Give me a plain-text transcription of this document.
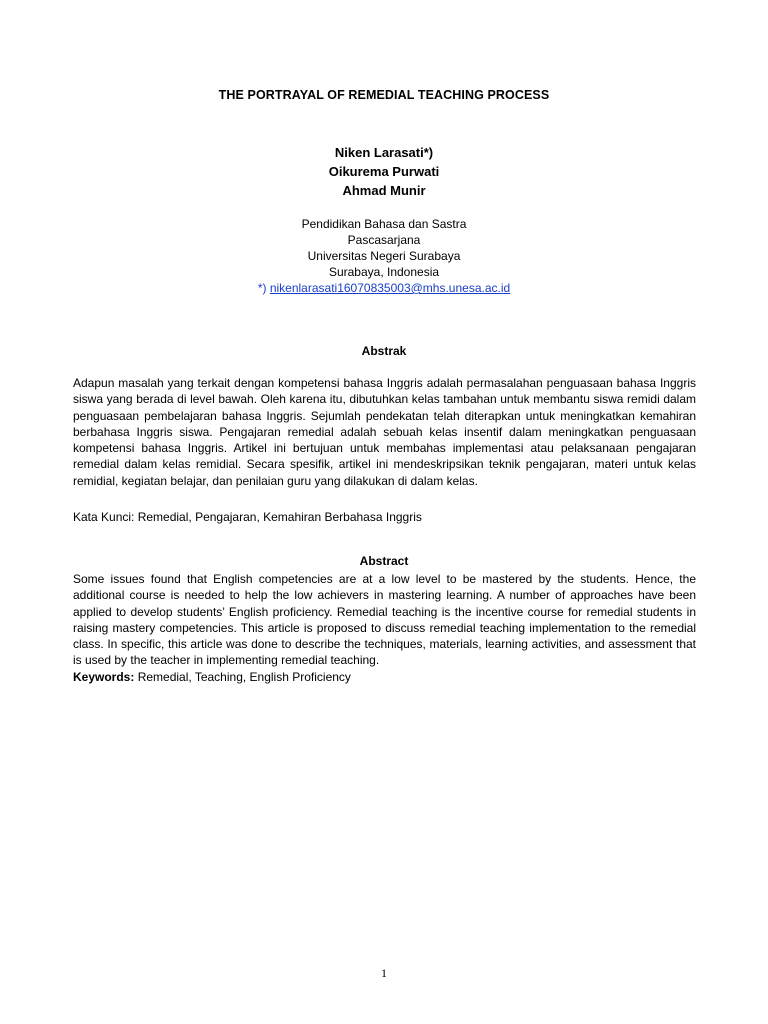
THE PORTRAYAL OF REMEDIAL TEACHING PROCESS
Niken Larasati*)
Oikurema Purwati
Ahmad Munir
Pendidikan Bahasa dan Sastra
Pascasarjana
Universitas Negeri Surabaya
Surabaya, Indonesia
*) nikenlarasati16070835003@mhs.unesa.ac.id
Abstrak
Adapun masalah yang terkait dengan kompetensi bahasa Inggris adalah permasalahan penguasaan bahasa Inggris siswa yang berada di level bawah. Oleh karena itu, dibutuhkan kelas tambahan untuk membantu siswa remidi dalam penguasaan pembelajaran bahasa Inggris. Sejumlah pendekatan telah diterapkan untuk meningkatkan kemahiran berbahasa Inggris siswa. Pengajaran remedial adalah sebuah kelas insentif dalam meningkatkan penguasaan kompetensi bahasa Inggris. Artikel ini bertujuan untuk membahas implementasi atau pelaksanaan pengajaran remedial dalam kelas remidial. Secara spesifik, artikel ini mendeskripsikan teknik pengajaran, materi untuk kelas remidial, kegiatan belajar, dan penilaian guru yang dilakukan di dalam kelas.
Kata Kunci: Remedial, Pengajaran, Kemahiran Berbahasa Inggris
Abstract
Some issues found that English competencies are at a low level to be mastered by the students. Hence, the additional course is needed to help the low achievers in mastering learning. A number of approaches have been applied to develop students’ English proficiency. Remedial teaching is the incentive course for remedial students in raising mastery competencies. This article is proposed to discuss remedial teaching implementation to the remedial class. In specific, this article was done to describe the techniques, materials, learning activities, and assessment that is used by the teacher in implementing remedial teaching.
Keywords: Remedial, Teaching, English Proficiency
1
